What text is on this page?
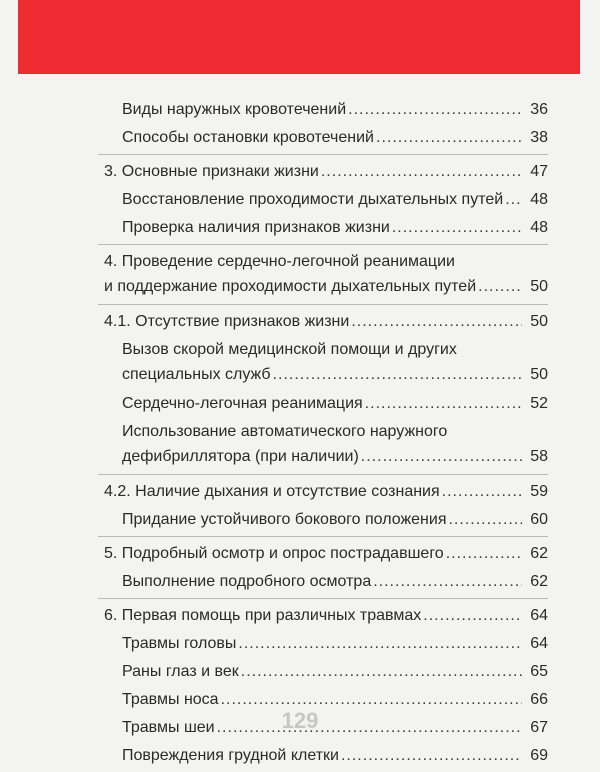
Виды наружных кровотечений .....	36
Способы остановки кровотечений .....	38
3. Основные признаки жизни .....	47
Восстановление проходимости дыхательных путей ..... 48
Проверка наличия признаков жизни .....	48
4. Проведение сердечно-легочной реанимации
и поддержание проходимости дыхательных путей .....	50
4.1. Отсутствие признаков жизни .....	50
Вызов скорой медицинской помощи и других
специальных служб .....	50
Сердечно-легочная реанимация .....	52
Использование автоматического наружного
дефибриллятора (при наличии) .....	58
4.2. Наличие дыхания и отсутствие сознания .....	59
Придание устойчивого бокового положения .....	60
5. Подробный осмотр и опрос пострадавшего .....	62
Выполнение подробного осмотра .....	62
6. Первая помощь при различных травмах .....	64
Травмы головы .....	64
Раны глаз и век .....	65
Травмы носа .....	66
Травмы шеи .....	67
Повреждения грудной клетки .....	69
129
